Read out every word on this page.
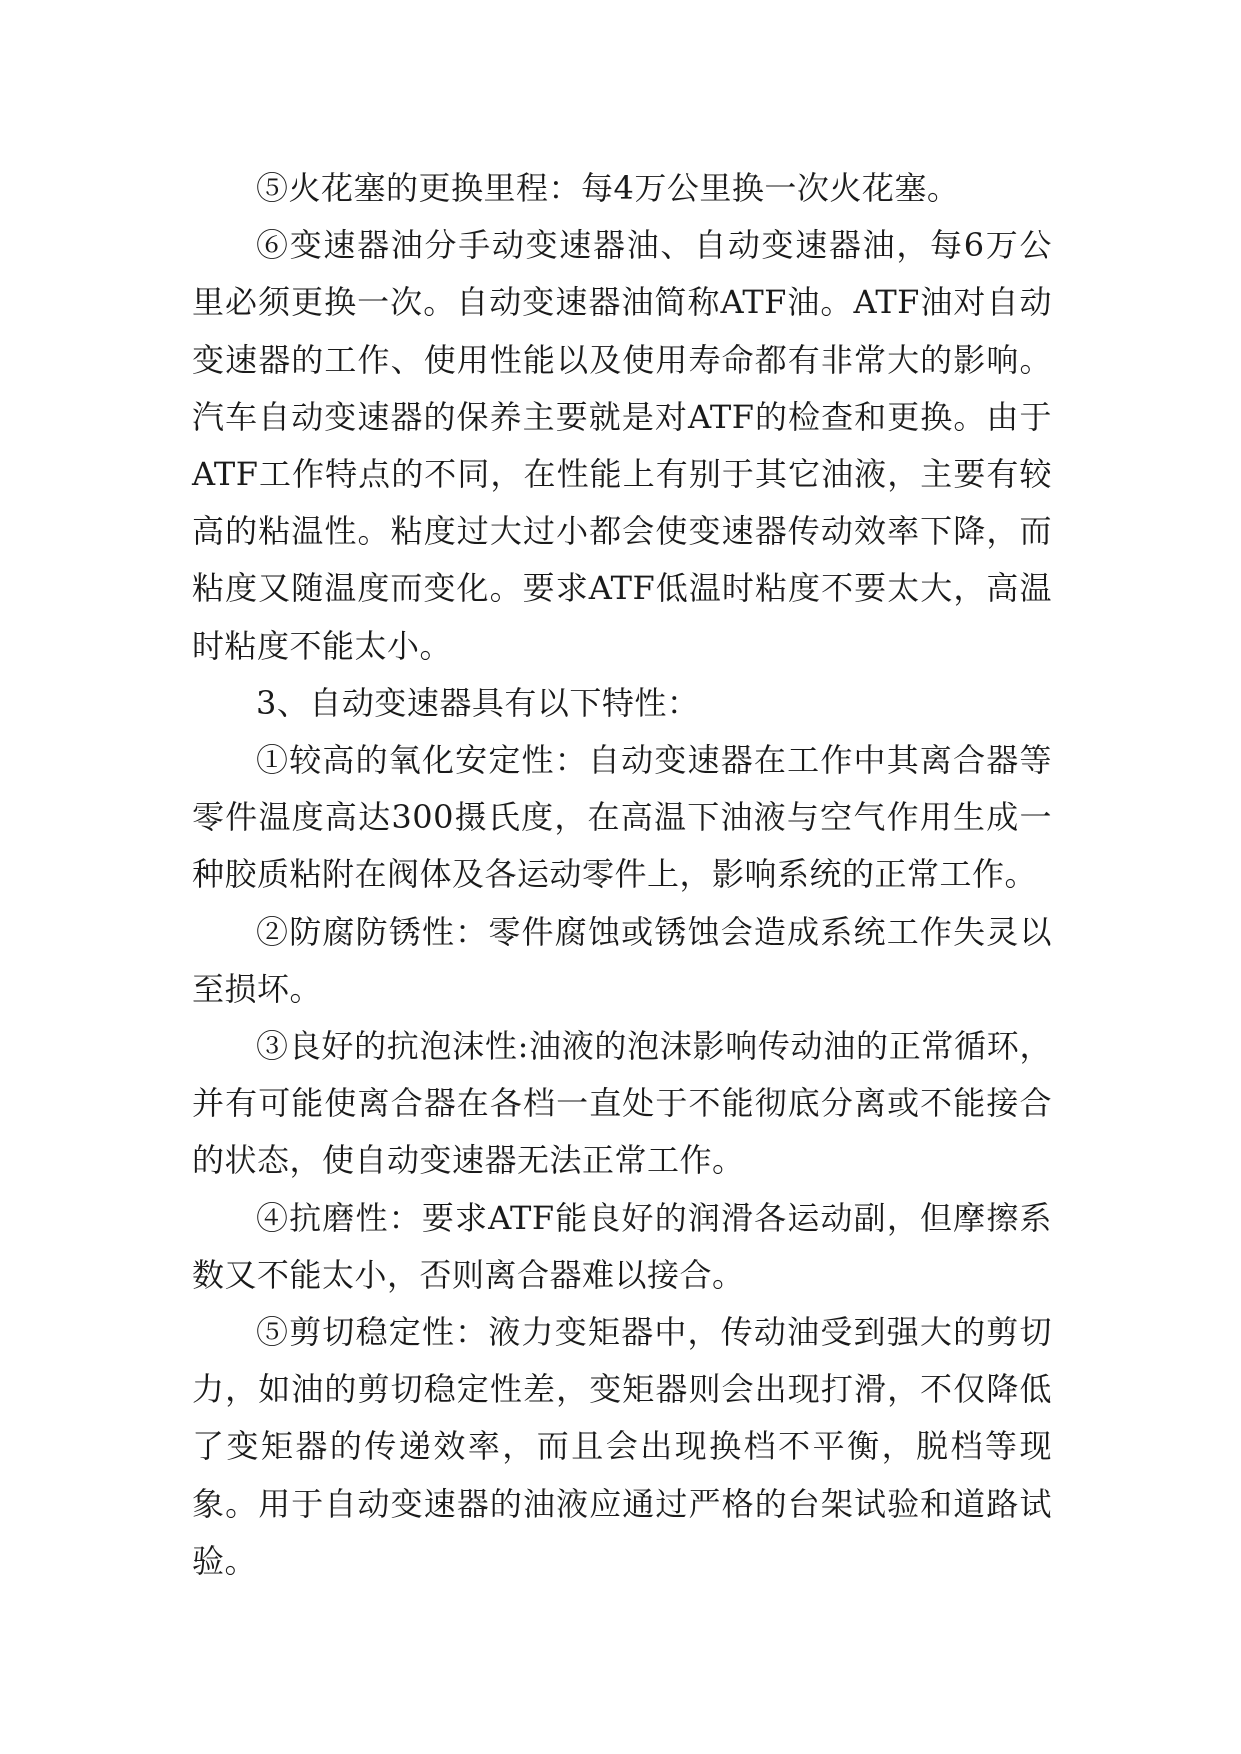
⑤火花塞的更换里程：每4万公里换一次火花塞。

⑥变速器油分手动变速器油、自动变速器油，每6万公里必须更换一次。自动变速器油简称ATF油。ATF油对自动变速器的工作、使用性能以及使用寿命都有非常大的影响。汽车自动变速器的保养主要就是对ATF的检查和更换。由于ATF工作特点的不同，在性能上有别于其它油液，主要有较高的粘温性。粘度过大过小都会使变速器传动效率下降，而粘度又随温度而变化。要求ATF低温时粘度不要太大，高温时粘度不能太小。

3、自动变速器具有以下特性：

①较高的氧化安定性：自动变速器在工作中其离合器等零件温度高达300摄氏度，在高温下油液与空气作用生成一种胶质粘附在阀体及各运动零件上，影响系统的正常工作。

②防腐防锈性：零件腐蚀或锈蚀会造成系统工作失灵以至损坏。

③良好的抗泡沫性:油液的泡沫影响传动油的正常循环，并有可能使离合器在各档一直处于不能彻底分离或不能接合的状态，使自动变速器无法正常工作。

④抗磨性：要求ATF能良好的润滑各运动副，但摩擦系数又不能太小，否则离合器难以接合。

⑤剪切稳定性：液力变矩器中，传动油受到强大的剪切力，如油的剪切稳定性差，变矩器则会出现打滑，不仅降低了变矩器的传递效率，而且会出现换档不平衡，脱档等现象。用于自动变速器的油液应通过严格的台架试验和道路试验。
